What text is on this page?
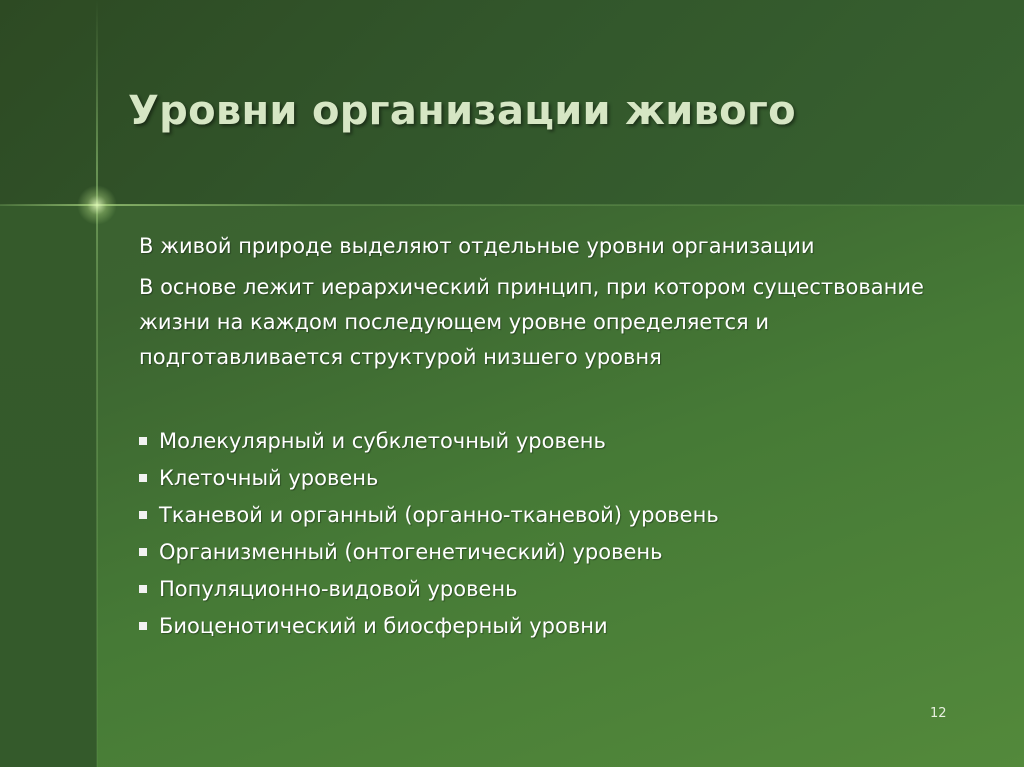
Уровни организации живого

В живой природе выделяют отдельные уровни организации

В основе лежит иерархический принцип, при котором существование жизни на каждом последующем уровне определяется и подготавливается структурой низшего уровня

Молекулярный и субклеточный уровень
Клеточный уровень
Тканевой и органный (органно-тканевой) уровень
Организменный (онтогенетический) уровень
Популяционно-видовой уровень
Биоценотический и биосферный уровни
12
